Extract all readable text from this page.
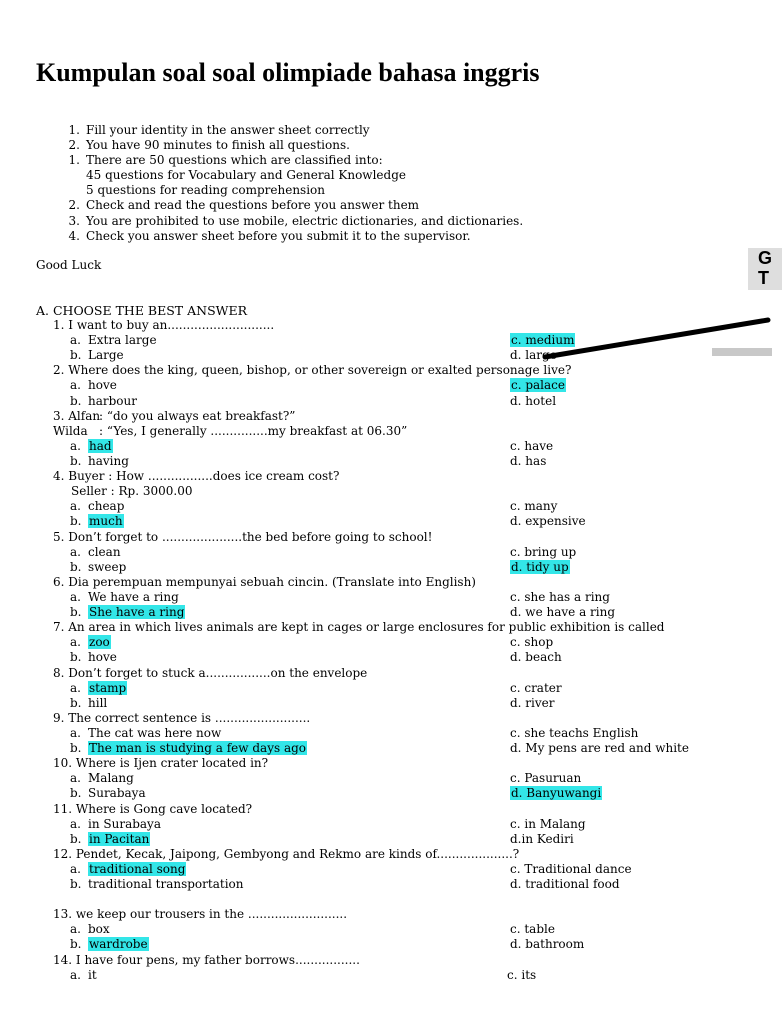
Kumpulan soal soal olimpiade bahasa inggris
1. Fill your identity in the answer sheet correctly
2. You have 90 minutes to finish all questions.
1. There are 50 questions which are classified into:
45 questions for Vocabulary and General Knowledge
5 questions for reading comprehension
2. Check and read the questions before you answer them
3. You are prohibited to use mobile, electric dictionaries, and dictionaries.
4. Check you answer sheet before you submit it to the supervisor.
Good Luck
A. CHOOSE THE BEST ANSWER
1. I want to buy an............................
a. Extra large	c. medium
b. Large	d. large
2. Where does the king, queen, bishop, or other sovereign or exalted personage live?
a. hove	c. palace
b. harbour	d. hotel
3. Alfan: “do you always eat breakfast?”
Wilda : “Yes, I generally ...............my breakfast at 06.30”
a. had	c. have
b. having	d. has
4. Buyer : How .................does ice cream cost?
Seller : Rp. 3000.00
a. cheap	c. many
b. much	d. expensive
5. Don’t forget to .....................the bed before going to school!
a. clean	c. bring up
b. sweep	d. tidy up
6. Dia perempuan mempunyai sebuah cincin. (Translate into English)
a. We have a ring	c. she has a ring
b. She have a ring	d. we have a ring
7. An area in which lives animals are kept in cages or large enclosures for public exhibition is called
a. zoo	c. shop
b. hove	d. beach
8. Don’t forget to stuck a.................on the envelope
a. stamp	c. crater
b. hill	d. river
9. The correct sentence is .........................
a. The cat was here now	c. she teachs English
b. The man is studying a few days ago	d. My pens are red and white
10. Where is Ijen crater located in?
a. Malang	c. Pasuruan
b. Surabaya	d. Banyuwangi
11. Where is Gong cave located?
a. in Surabaya	c. in Malang
b. in Pacitan	d.in Kediri
12. Pendet, Kecak, Jaipong, Gembyong and Rekmo are kinds of....................?
a. traditional song	c. Traditional dance
b. traditional transportation	d. traditional food
13. we keep our trousers in the ..........................
a. box	c. table
b. wardrobe	d. bathroom
14. I have four pens, my father borrows.................
a. it	c. its
G
T
